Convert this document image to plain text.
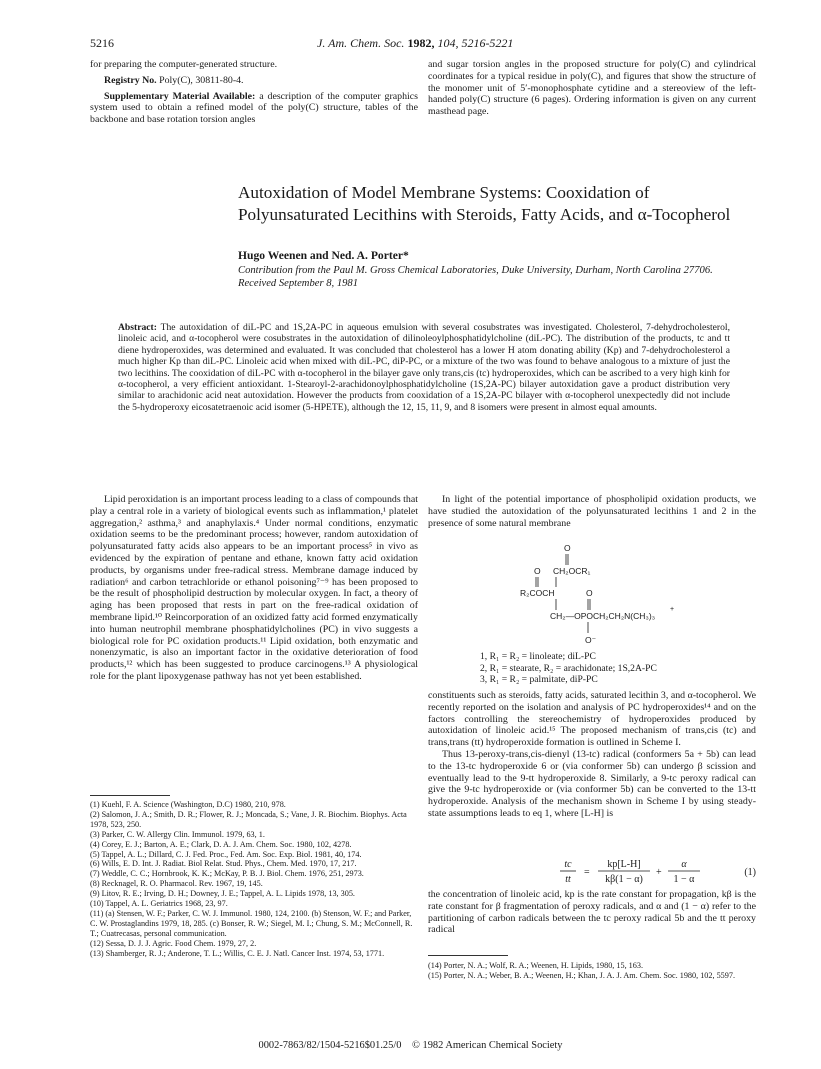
5216	J. Am. Chem. Soc. 1982, 104, 5216-5221

for preparing the computer-generated structure.

Registry No. Poly(C), 30811-80-4.

Supplementary Material Available: a description of the computer graphics system used to obtain a refined model of the poly(C) structure, tables of the backbone and base rotation torsion angles

and sugar torsion angles in the proposed structure for poly(C) and cylindrical coordinates for a typical residue in poly(C), and figures that show the structure of the monomer unit of 5′-monophosphate cytidine and a stereoview of the left-handed poly(C) structure (6 pages). Ordering information is given on any current masthead page.

Autoxidation of Model Membrane Systems: Cooxidation of Polyunsaturated Lecithins with Steroids, Fatty Acids, and α-Tocopherol
Hugo Weenen and Ned. A. Porter*
Contribution from the Paul M. Gross Chemical Laboratories, Duke University, Durham, North Carolina 27706. Received September 8, 1981

Abstract: The autoxidation of diL-PC and 1S,2A-PC in aqueous emulsion with several cosubstrates was investigated. Cholesterol, 7-dehydrocholesterol, linoleic acid, and α-tocopherol were cosubstrates in the autoxidation of dilinoleoylphosphatidylcholine (diL-PC). The distribution of the products, tc and tt diene hydroperoxides, was determined and evaluated. It was concluded that cholesterol has a lower H atom donating ability (Kp) and 7-dehydrocholesterol a much higher Kp than diL-PC. Linoleic acid when mixed with diL-PC, diP-PC, or a mixture of the two was found to behave analogous to a mixture of just the two lecithins. The cooxidation of diL-PC with α-tocopherol in the bilayer gave only trans,cis (tc) hydroperoxides, which can be ascribed to a very high kinh for α-tocopherol, a very efficient antioxidant. 1-Stearoyl-2-arachidonoylphosphatidylcholine (1S,2A-PC) bilayer autoxidation gave a product distribution very similar to arachidonic acid neat autoxidation. However the products from cooxidation of a 1S,2A-PC bilayer with α-tocopherol unexpectedly did not include the 5-hydroperoxy eicosatetraenoic acid isomer (5-HPETE), although the 12, 15, 11, 9, and 8 isomers were present in almost equal amounts.

Lipid peroxidation is an important process leading to a class of compounds that play a central role in a variety of biological events such as inflammation,¹ platelet aggregation,² asthma,³ and anaphylaxis.⁴ Under normal conditions, enzymatic oxidation seems to be the predominant process; however, random autoxidation of polyunsaturated fatty acids also appears to be an important process⁵ in vivo as evidenced by the expiration of pentane and ethane, known fatty acid oxidation products, by organisms under free-radical stress. Membrane damage induced by radiation⁶ and carbon tetrachloride or ethanol poisoning⁷⁻⁹ has been proposed to be the result of phospholipid destruction by molecular oxygen. In fact, a theory of aging has been proposed that rests in part on the free-radical oxidation of membrane lipid.¹⁰ Reincorporation of an oxidized fatty acid formed enzymatically into human neutrophil membrane phosphatidylcholines (PC) in vivo suggests a biological role for PC oxidation products.¹¹ Lipid oxidation, both enzymatic and nonenzymatic, is also an important factor in the oxidative deterioration of food products,¹² which has been suggested to produce carcinogens.¹³ A physiological role for the plant lipoxygenase pathway has not yet been established.

(1) Kuehl, F. A. Science (Washington, D.C) 1980, 210, 978.

(2) Salomon, J. A.; Smith, D. R.; Flower, R. J.; Moncada, S.; Vane, J. R. Biochim. Biophys. Acta 1978, 523, 250.

(3) Parker, C. W. Allergy Clin. Immunol. 1979, 63, 1.

(4) Corey, E. J.; Barton, A. E.; Clark, D. A. J. Am. Chem. Soc. 1980, 102, 4278.

(5) Tappel, A. L.; Dillard, C. J. Fed. Proc., Fed. Am. Soc. Exp. Biol. 1981, 40, 174.

(6) Wills, E. D. Int. J. Radiat. Biol Relat. Stud. Phys., Chem. Med. 1970, 17, 217.

(7) Weddle, C. C.; Hornbrook, K. K.; McKay, P. B. J. Biol. Chem. 1976, 251, 2973.

(8) Recknagel, R. O. Pharmacol. Rev. 1967, 19, 145.

(9) Litov, R. E.; Irving, D. H.; Downey, J. E.; Tappel, A. L. Lipids 1978, 13, 305.

(10) Tappel, A. L. Geriatrics 1968, 23, 97.

(11) (a) Stensen, W. F.; Parker, C. W. J. Immunol. 1980, 124, 2100. (b) Stenson, W. F.; and Parker, C. W. Prostaglandins 1979, 18, 285. (c) Bonser, R. W.; Siegel, M. I.; Chung, S. M.; McConnell, R. T.; Cuatrecasas, personal communication.

(12) Sessa, D. J. J. Agric. Food Chem. 1979, 27, 2.

(13) Shamberger, R. J.; Anderone, T. L.; Willis, C. E. J. Natl. Cancer Inst. 1974, 53, 1771.

In light of the potential importance of phospholipid oxidation products, we have studied the autoxidation of the polyunsaturated lecithins 1 and 2 in the presence of some natural membrane

O
O CH₂OCR₁
R₂COCH	O
+
CH₂—OPOCH₂CH₂N(CH₃)₃
O⁻

1, R₁ = R₂ = linoleate; diL-PC

2, R₁ = stearate, R₂ = arachidonate; 1S,2A-PC

3, R₁ = R₂ = palmitate, diP-PC

constituents such as steroids, fatty acids, saturated lecithin 3, and α-tocopherol. We recently reported on the isolation and analysis of PC hydroperoxides¹⁴ and on the factors controlling the stereochemistry of hydroperoxides produced by autoxidation of linoleic acid.¹⁵ The proposed mechanism of trans,cis (tc) and trans,trans (tt) hydroperoxide formation is outlined in Scheme I.

Thus 13-peroxy-trans,cis-dienyl (13-tc) radical (conformers 5a + 5b) can lead to the 13-tc hydroperoxide 6 or (via conformer 5b) can undergo β scission and eventually lead to the 9-tt hydroperoxide 8. Similarly, a 9-tc peroxy radical can give the 9-tc hydroperoxide or (via conformer 5b) can be converted to the 13-tt hydroperoxide. Analysis of the mechanism shown in Scheme I by using steady-state assumptions leads to eq 1, where [L-H] is

tc
tt
=
kp[L-H]
kβ(1 − α)
+
α
1 − α
(1)

the concentration of linoleic acid, kp is the rate constant for propagation, kβ is the rate constant for β fragmentation of peroxy radicals, and α and (1 − α) refer to the partitioning of carbon radicals between the tc peroxy radical 5b and the tt peroxy radical

(14) Porter, N. A.; Wolf, R. A.; Weenen, H. Lipids, 1980, 15, 163.

(15) Porter, N. A.; Weber, B. A.; Weenen, H.; Khan, J. A. J. Am. Chem. Soc. 1980, 102, 5597.

0002-7863/82/1504-5216$01.25/0 © 1982 American Chemical Society
